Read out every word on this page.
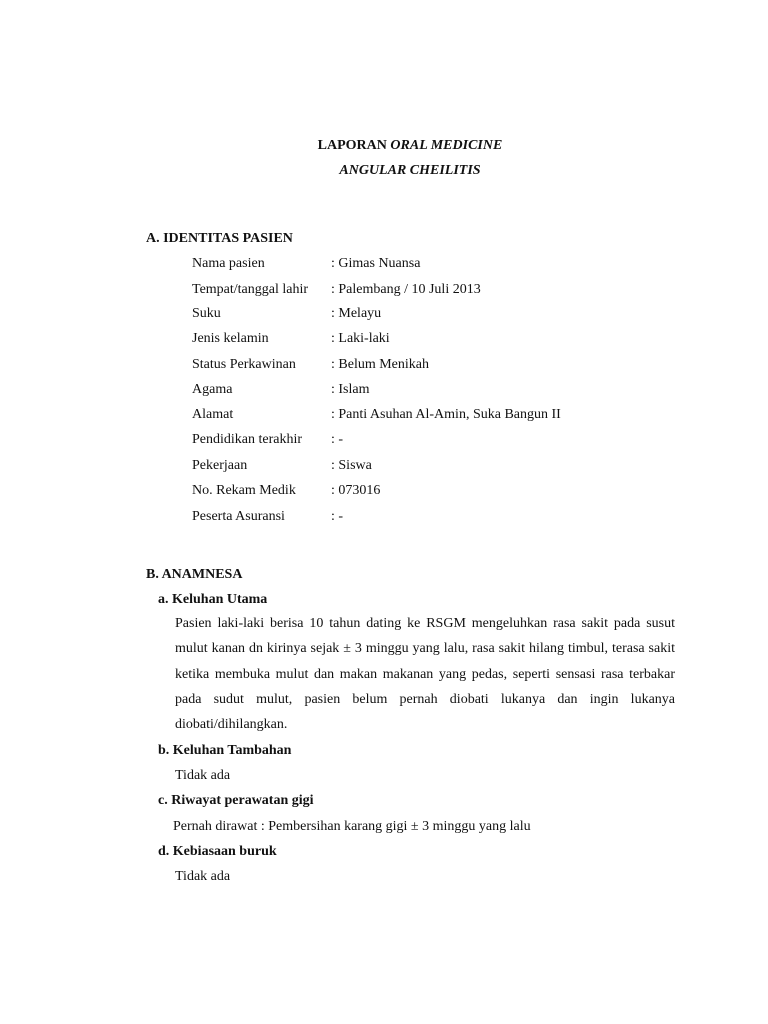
LAPORAN ORAL MEDICINE
ANGULAR CHEILITIS
A. IDENTITAS PASIEN
Nama pasien	: Gimas Nuansa
Tempat/tanggal lahir : Palembang / 10 Juli 2013
Suku	: Melayu
Jenis kelamin	: Laki-laki
Status Perkawinan	: Belum Menikah
Agama	: Islam
Alamat	: Panti Asuhan Al-Amin, Suka Bangun II
Pendidikan terakhir : -
Pekerjaan	: Siswa
No. Rekam Medik	: 073016
Peserta Asuransi	: -
B. ANAMNESA
a. Keluhan Utama
Pasien laki-laki berisa 10 tahun dating ke RSGM mengeluhkan rasa sakit pada susut mulut kanan dn kirinya sejak ± 3 minggu yang lalu, rasa sakit hilang timbul, terasa sakit ketika membuka mulut dan makan makanan yang pedas, seperti sensasi rasa terbakar pada sudut mulut, pasien belum pernah diobati lukanya dan ingin lukanya diobati/dihilangkan.
b. Keluhan Tambahan
Tidak ada
c. Riwayat perawatan gigi
Pernah dirawat : Pembersihan karang gigi ± 3 minggu yang lalu
d. Kebiasaan buruk
Tidak ada
